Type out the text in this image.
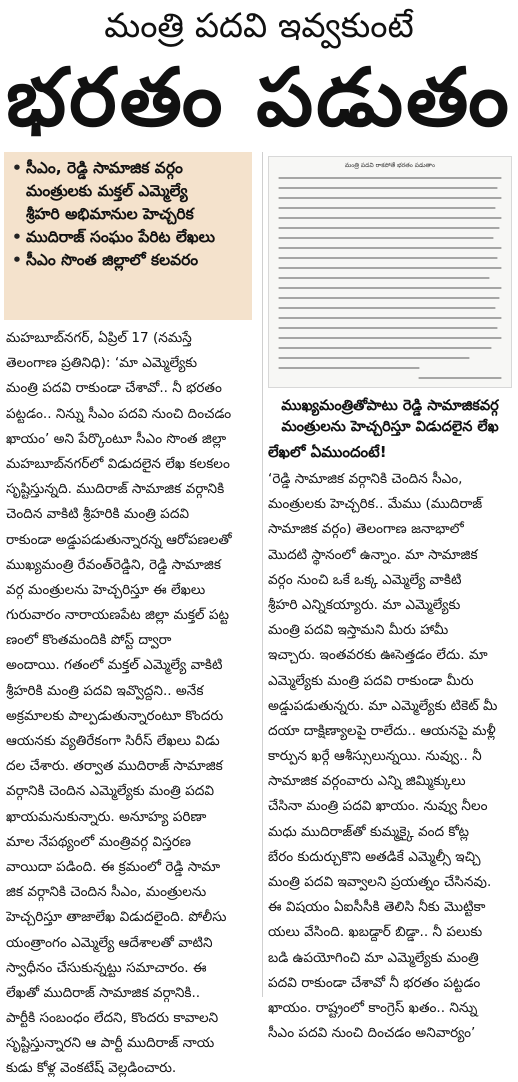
మంత్రి పదవి ఇవ్వకుంటే
భరతం పడుతం
• సీఎం, రెడ్డి సామాజిక వర్గం
మంత్రులకు మక్తల్ ఎమ్మెల్యే
శ్రీహరి అభిమానుల హెచ్చరిక
• ముదిరాజ్ సంఘం పేరిట లేఖలు
• సీఎం సొంత జిల్లాలో కలవరం
మంత్రి పదవి రాకపోతే భరతం పడుతాం
ముఖ్యమంత్రితోపాటు రెడ్డి సామాజికవర్గ
మంత్రులను హెచ్చరిస్తూ విడుదలైన లేఖ
మహబూబ్‌నగర్, ఏప్రిల్ 17 (నమస్తే
తెలంగాణ ప్రతినిధి): ‘మా ఎమ్మెల్యేకు
మంత్రి పదవి రాకుండా చేశావో.. నీ భరతం
పట్టడం.. నిన్ను సీఎం పదవి నుంచి దించడం
ఖాయం’ అని పేర్కొంటూ సీఎం సొంత జిల్లా
మహబూబ్‌నగర్‌లో విడుదలైన లేఖ కలకలం
సృష్టిస్తున్నది. ముదిరాజ్ సామాజిక వర్గానికి
చెందిన వాకిటి శ్రీహరికి మంత్రి పదవి
రాకుండా అడ్డుపడుతున్నారన్న ఆరోపణలతో
ముఖ్యమంత్రి రేవంత్‌రెడ్డిని, రెడ్డి సామాజిక
వర్గ మంత్రులను హెచ్చరిస్తూ ఈ లేఖలు
గురువారం నారాయణపేట జిల్లా మక్తల్ పట్ట
ణంలో కొంతమందికి పోస్ట్ ద్వారా
అందాయి. గతంలో మక్తల్ ఎమ్మెల్యే వాకిటి
శ్రీహరికి మంత్రి పదవి ఇవ్వొద్దని.. అనేక
అక్రమాలకు పాల్పడుతున్నారంటూ కొందరు
ఆయనకు వ్యతిరేకంగా సిరీస్ లేఖలు విడు
దల చేశారు. తర్వాత ముదిరాజ్ సామాజిక
వర్గానికి చెందిన ఎమ్మెల్యేకు మంత్రి పదవి
ఖాయమనుకున్నారు. అనూహ్య పరిణా
మాల నేపథ్యంలో మంత్రివర్గ విస్తరణ
వాయిదా పడింది. ఈ క్రమంలో రెడ్డి సామా
జిక వర్గానికి చెందిన సీఎం, మంత్రులను
హెచ్చరిస్తూ తాజాలేఖ విడుదలైంది. పోలీసు
యంత్రాంగం ఎమ్మెల్యే ఆదేశాలతో వాటిని
స్వాధీనం చేసుకున్నట్టు సమాచారం. ఈ
లేఖతో ముదిరాజ్ సామాజిక వర్గానికి..
పార్టీకి సంబంధం లేదని, కొందరు కావాలని
సృష్టిస్తున్నారని ఆ పార్టీ ముదిరాజ్ నాయ
కుడు కోళ్ల వెంకటేష్ వెల్లడించారు.
లేఖలో ఏముందంటే!
‘రెడ్డి సామాజిక వర్గానికి చెందిన సీఎం,
మంత్రులకు హెచ్చరిక.. మేము (ముదిరాజ్
సామాజిక వర్గం) తెలంగాణ జనాభాలో
మొదటి స్థానంలో ఉన్నాం. మా సామాజిక
వర్గం నుంచి ఒకే ఒక్క ఎమ్మెల్యే వాకిటి
శ్రీహరి ఎన్నికయ్యారు. మా ఎమ్మెల్యేకు
మంత్రి పదవి ఇస్తామని మీరు హామీ
ఇచ్చారు. ఇంతవరకు ఊసెత్తడం లేదు. మా
ఎమ్మెల్యేకు మంత్రి పదవి రాకుండా మీరు
అడ్డుపడుతున్నరు. మా ఎమ్మెల్యేకు టికెట్ మీ
దయా దాక్షిణ్యాలపై రాలేదు.. ఆయనపై మళ్లీ
కార్పున ఖర్గే ఆశీస్సులున్నయి. నువ్వు.. నీ
సామాజిక వర్గంవారు ఎన్ని జిమ్మిక్కులు
చేసినా మంత్రి పదవి ఖాయం. నువ్వు నీలం
మధు ముదిరాజ్‌తో కుమ్మక్కై వంద కోట్ల
బేరం కుదుర్చుకొని అతడికే ఎమ్మెల్సీ ఇచ్చి
మంత్రి పదవి ఇవ్వాలని ప్రయత్నం చేసినవు.
ఈ విషయం ఏఐసీసీకి తెలిసి నీకు మొట్టికా
యలు వేసింది. ఖబడ్దార్ బిడ్డా.. నీ పలుకు
బడి ఉపయోగించి మా ఎమ్మెల్యేకు మంత్రి
పదవి రాకుండా చేశావో నీ భరతం పట్టడం
ఖాయం. రాష్ట్రంలో కాంగ్రెస్ ఖతం.. నిన్ను
సీఎం పదవి నుంచి దించడం అనివార్యం’
